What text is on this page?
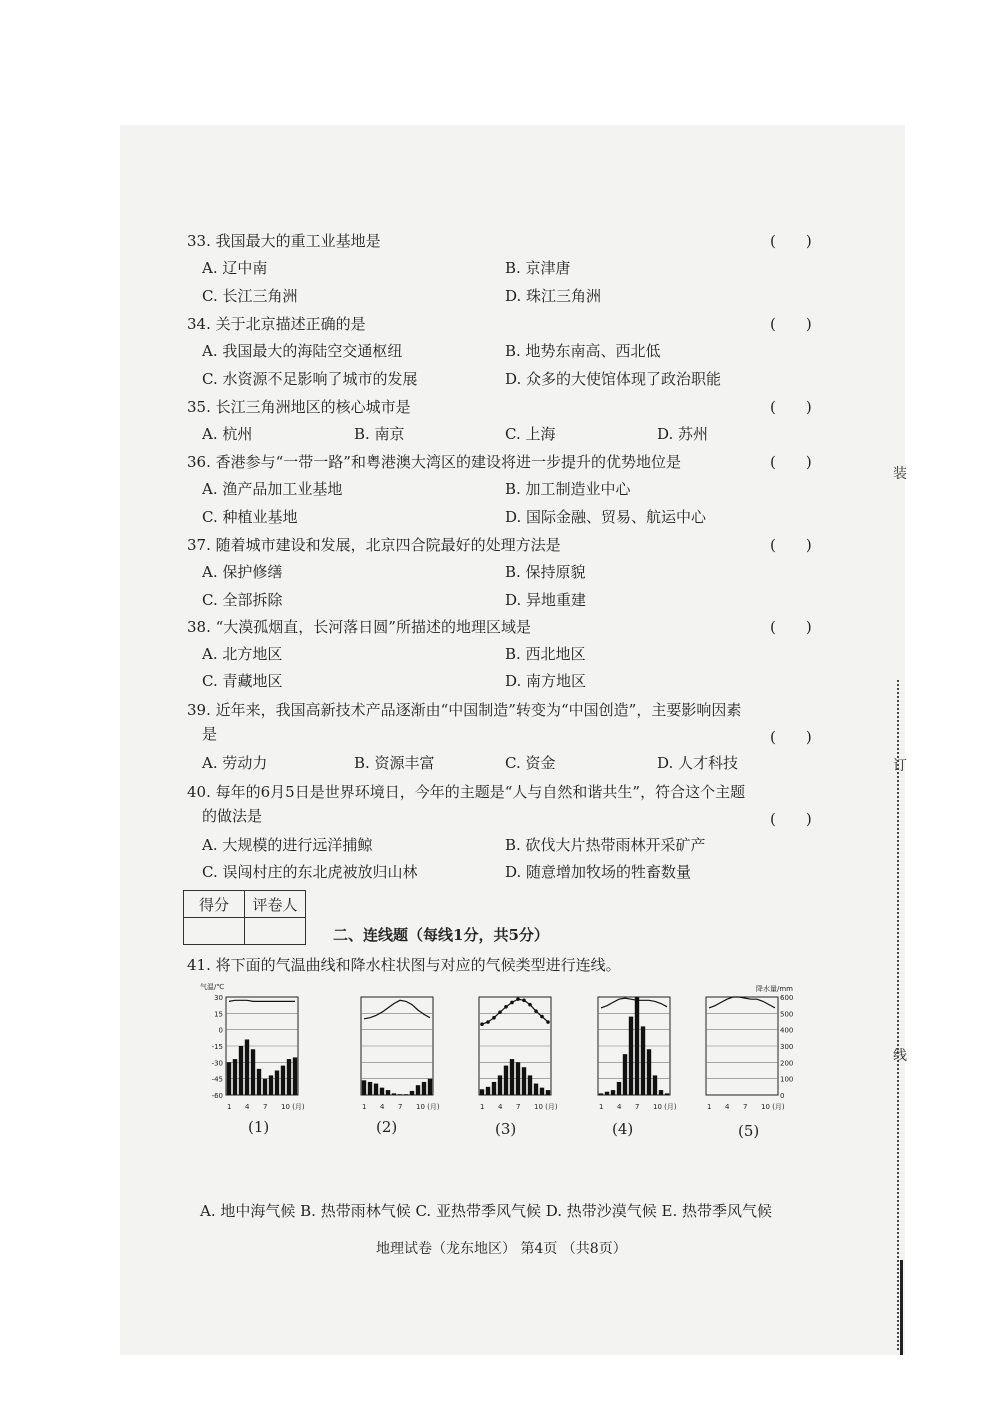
装
订
线
33. 我国最大的重工业基地是	(　　)
A. 辽中南	B. 京津唐
C. 长江三角洲	D. 珠江三角洲
34. 关于北京描述正确的是	(　　)
A. 我国最大的海陆空交通枢纽	B. 地势东南高、西北低
C. 水资源不足影响了城市的发展	D. 众多的大使馆体现了政治职能
35. 长江三角洲地区的核心城市是	(　　)
A. 杭州	B. 南京	C. 上海	D. 苏州
36. 香港参与“一带一路”和粤港澳大湾区的建设将进一步提升的优势地位是	(　　)
A. 渔产品加工业基地	B. 加工制造业中心
C. 种植业基地	D. 国际金融、贸易、航运中心
37. 随着城市建设和发展，北京四合院最好的处理方法是	(　　)
A. 保护修缮	B. 保持原貌
C. 全部拆除	D. 异地重建
38. “大漠孤烟直，长河落日圆”所描述的地理区域是	(　　)
A. 北方地区	B. 西北地区
C. 青藏地区	D. 南方地区
39. 近年来，我国高新技术产品逐渐由“中国制造”转变为“中国创造”，主要影响因素
是	(　　)
A. 劳动力	B. 资源丰富	C. 资金	D. 人才科技
40. 每年的6月5日是世界环境日，今年的主题是“人与自然和谐共生”，符合这个主题
的做法是	(　　)
A. 大规模的进行远洋捕鲸	B. 砍伐大片热带雨林开采矿产
C. 误闯村庄的东北虎被放归山林	D. 随意增加牧场的牲畜数量
得分	评卷人

二、连线题（每线1分，共5分）
41. 将下面的气温曲线和降水柱状图与对应的气候类型进行连线。
1 4 7 10 (月)
气温/℃
30
15
0
-15
-30
-45
-60
1 4 7 10 (月)	1 4 7 10 (月)	1 4 7 10 (月)	1 4 7 10 (月)
降水量/mm
600
500
400
300
200
100
0
(1)	(2)	(3)	(4)	(5)
A. 地中海气候 B. 热带雨林气候 C. 亚热带季风气候 D. 热带沙漠气候 E. 热带季风气候
地理试卷（龙东地区） 第4页 （共8页）
